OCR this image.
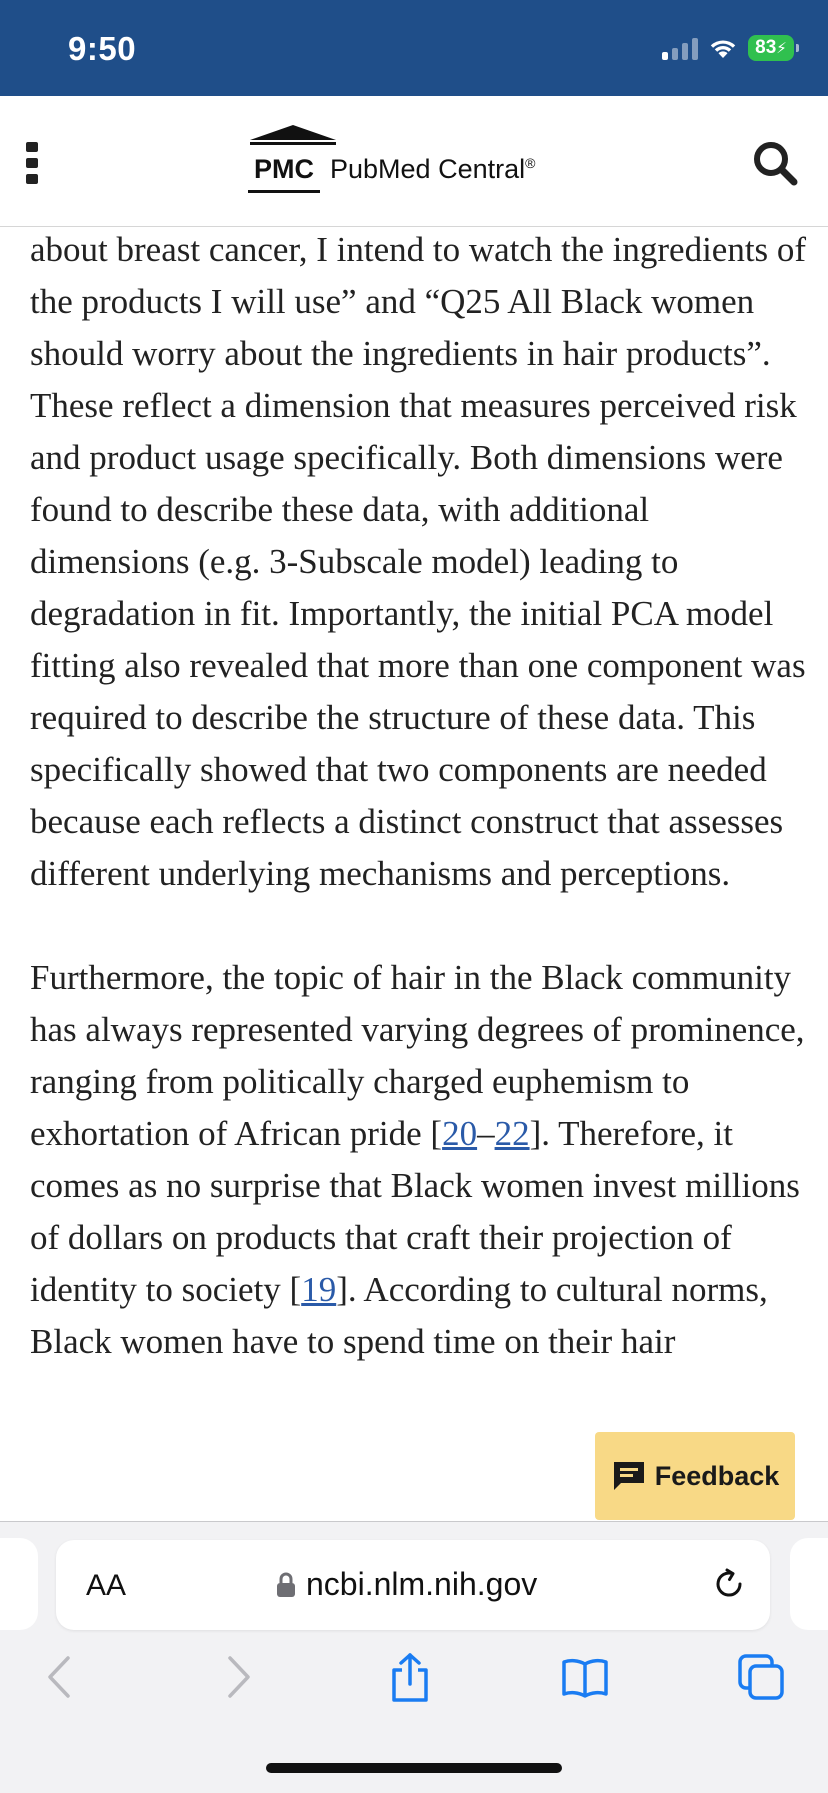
9:50	83 ⚡
PMC PubMed Central®

about breast cancer, I intend to watch the ingredients of the products I will use” and “Q25 All Black women should worry about the ingredients in hair products”. These reflect a dimension that measures perceived risk and product usage specifically. Both dimensions were found to describe these data, with additional dimensions (e.g. 3-Subscale model) leading to degradation in fit. Importantly, the initial PCA model fitting also revealed that more than one component was required to describe the structure of these data. This specifically showed that two components are needed because each reflects a distinct construct that assesses different underlying mechanisms and perceptions.

Furthermore, the topic of hair in the Black community has always represented varying degrees of prominence, ranging from politically charged euphemism to exhortation of African pride [20–22]. Therefore, it comes as no surprise that Black women invest millions of dollars on products that craft their projection of identity to society [19]. According to cultural norms, Black women have to spend time on their hair

Feedback
AA	ncbi.nlm.nih.gov
